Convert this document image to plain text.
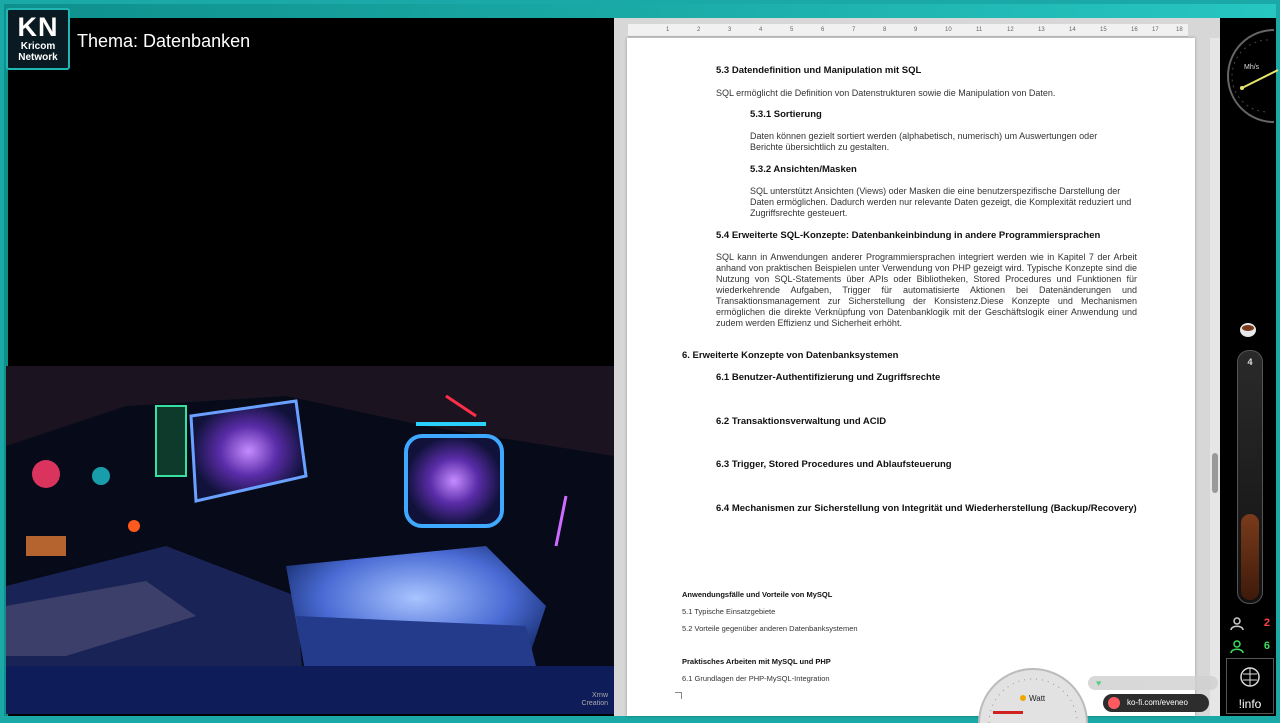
KN
Kricom
Network
Thema: Datenbanken
Xrnw
Creation
1	2	3	4	5	6	7	8	9	10	11	12	13	14	15	16 17	18
5.3 Datendefinition und Manipulation mit SQL
SQL ermöglicht die Definition von Datenstrukturen sowie die Manipulation von Daten.
5.3.1 Sortierung
Daten können gezielt sortiert werden (alphabetisch, numerisch) um Auswertungen oder Berichte übersichtlich zu gestalten.
5.3.2 Ansichten/Masken
SQL unterstützt Ansichten (Views) oder Masken die eine benutzerspezifische Darstellung der Daten ermöglichen. Dadurch werden nur relevante Daten gezeigt, die Komplexität reduziert und Zugriffsrechte gesteuert.
5.4 Erweiterte SQL-Konzepte: Datenbankeinbindung in andere Programmiersprachen
SQL kann in Anwendungen anderer Programmiersprachen integriert werden wie in Kapitel 7 der Arbeit anhand von praktischen Beispielen unter Verwendung von PHP gezeigt wird. Typische Konzepte sind die Nutzung von SQL-Statements über APIs oder Bibliotheken, Stored Procedures und Funktionen für wiederkehrende Aufgaben, Trigger für automatisierte Aktionen bei Datenänderungen und Transaktionsmanagement zur Sicherstellung der Konsistenz.Diese Konzepte und Mechanismen ermöglichen die direkte Verknüpfung von Datenbanklogik mit der Geschäftslogik einer Anwendung und zudem werden Effizienz und Sicherheit erhöht.
6. Erweiterte Konzepte von Datenbanksystemen
6.1 Benutzer-Authentifizierung und Zugriffsrechte
6.2 Transaktionsverwaltung und ACID
6.3 Trigger, Stored Procedures und Ablaufsteuerung
6.4 Mechanismen zur Sicherstellung von Integrität und Wiederherstellung (Backup/Recovery)
Anwendungsfälle und Vorteile von MySQL
5.1 Typische Einsatzgebiete
5.2 Vorteile gegenüber anderen Datenbanksystemen
Praktisches Arbeiten mit MySQL und PHP
6.1 Grundlagen der PHP-MySQL-Integration
Mh/s
4
2
6
!info
Watt
♥
ko-fi.com/eveneo
